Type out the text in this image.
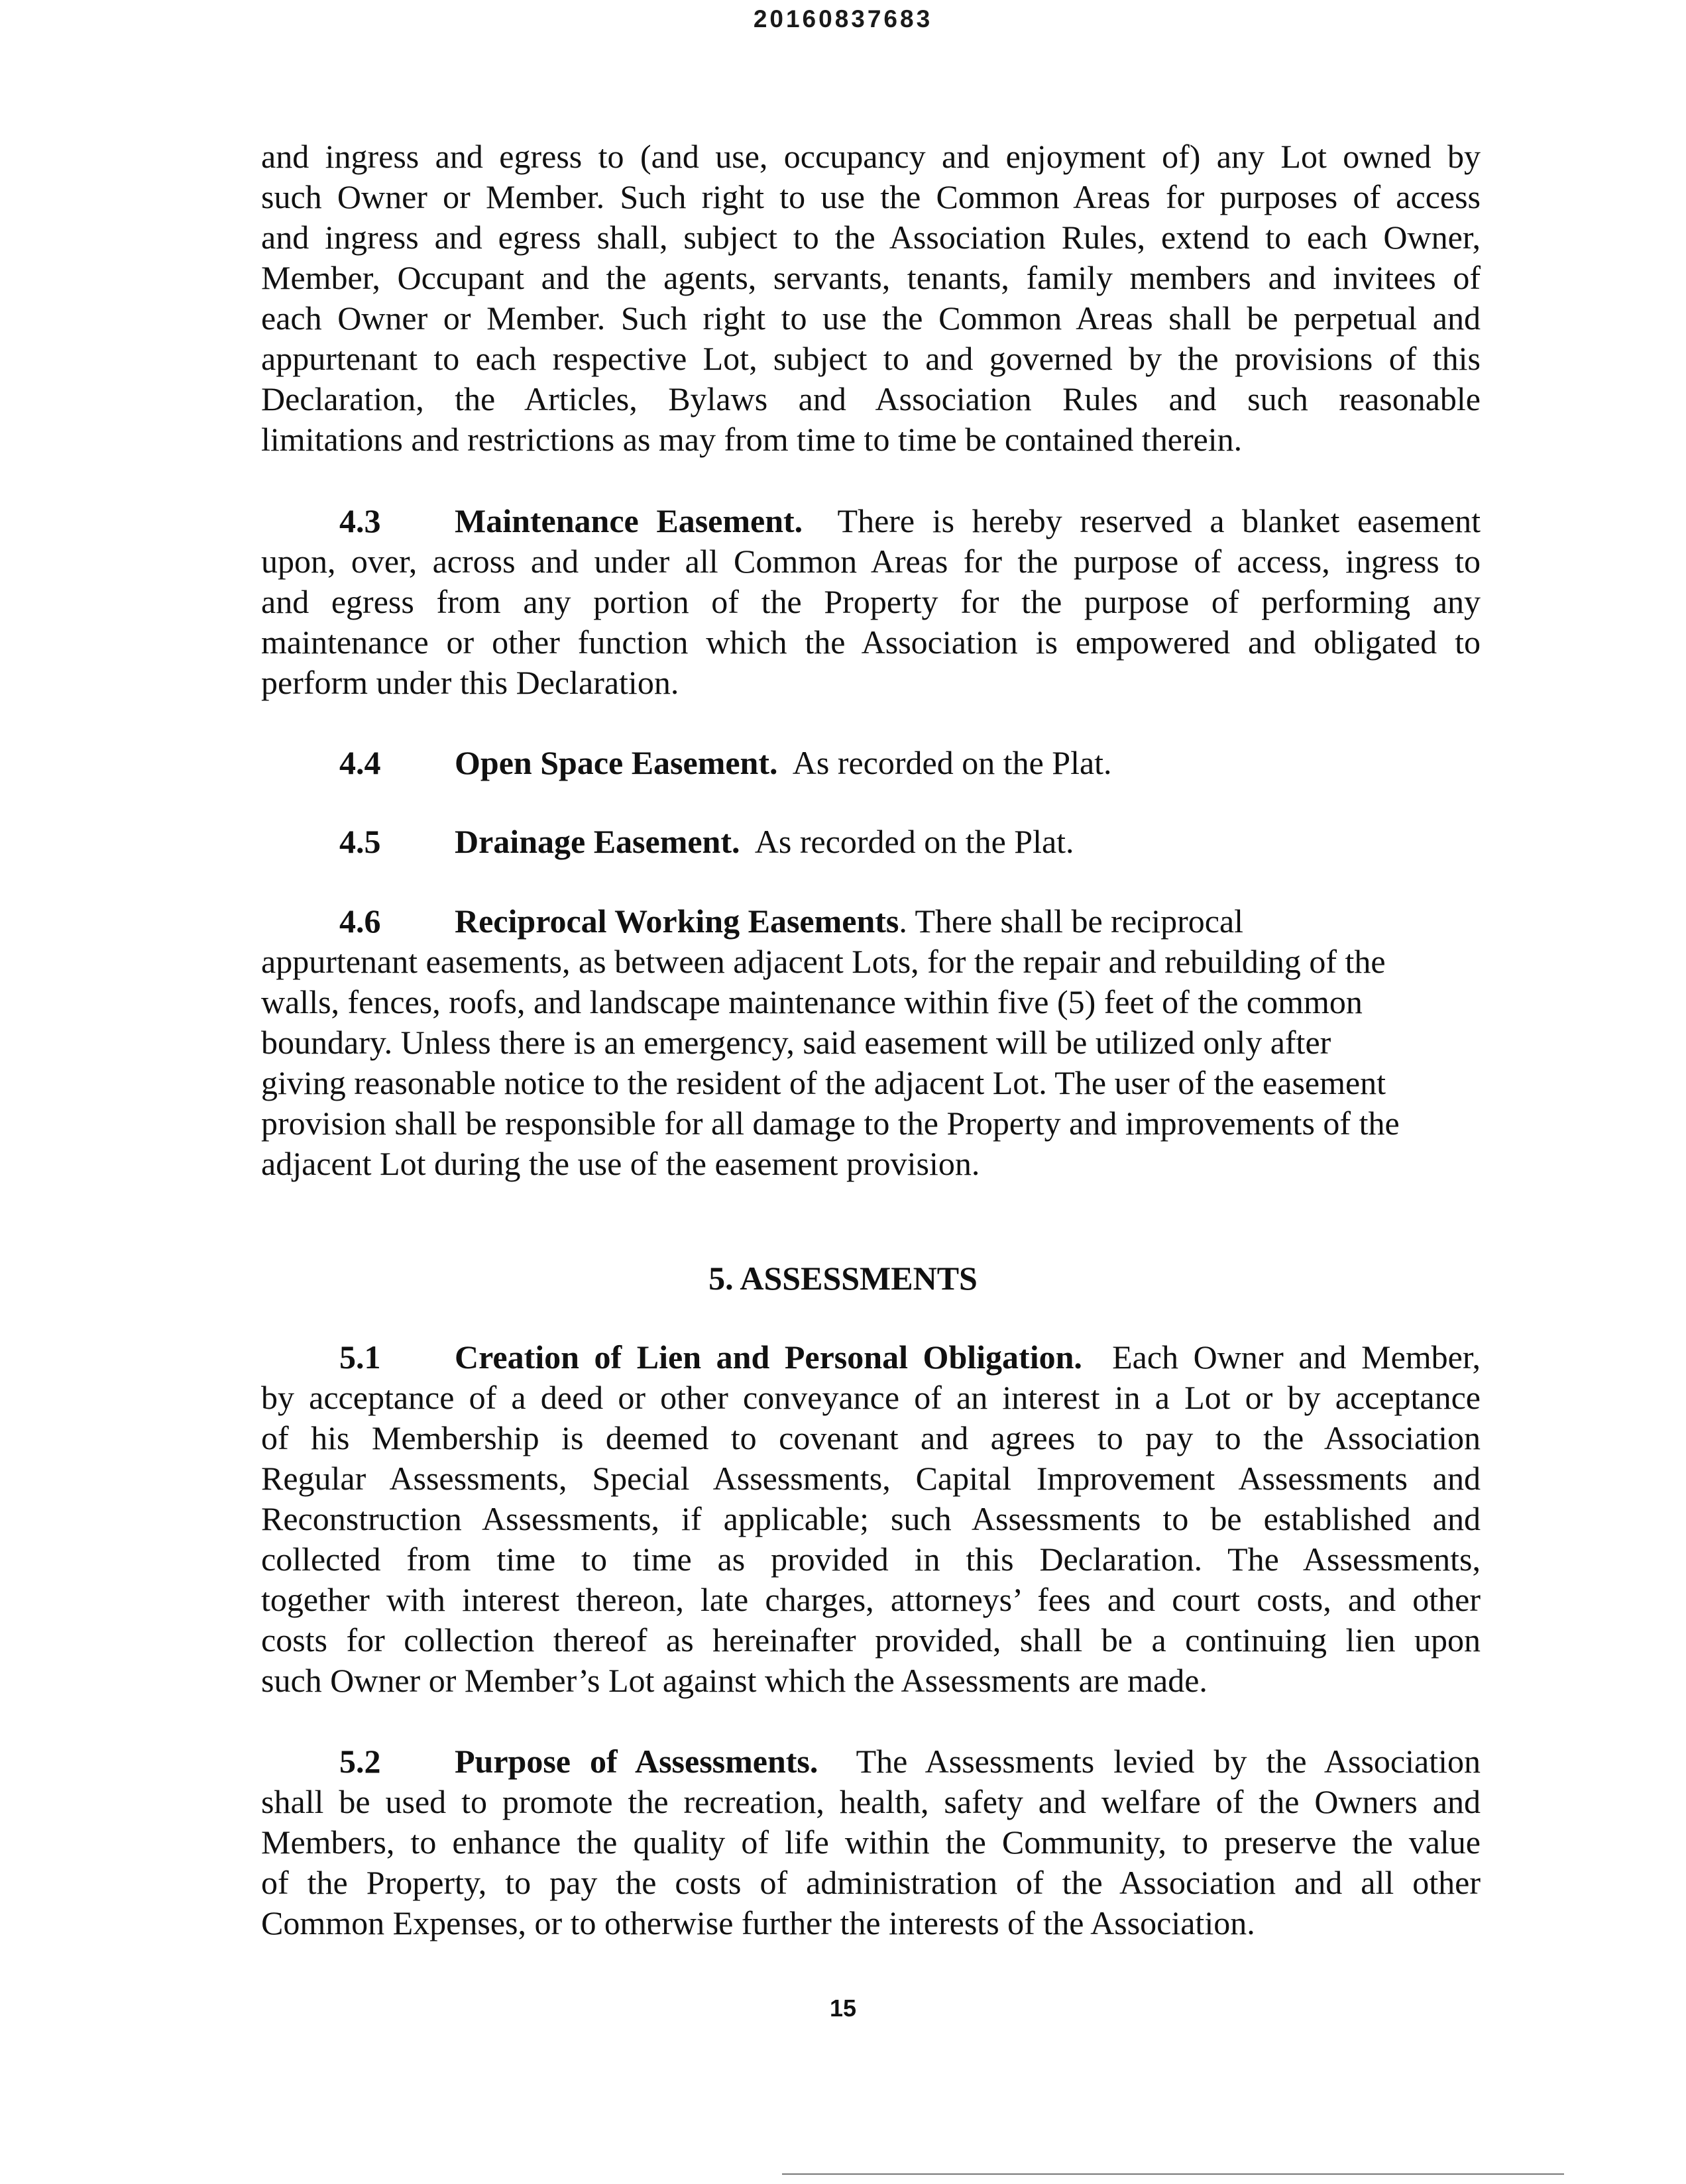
20160837683
and ingress and egress to (and use, occupancy and enjoyment of) any Lot owned by
such Owner or Member. Such right to use the Common Areas for purposes of access
and ingress and egress shall, subject to the Association Rules, extend to each Owner,
Member, Occupant and the agents, servants, tenants, family members and invitees of
each Owner or Member. Such right to use the Common Areas shall be perpetual and
appurtenant to each respective Lot, subject to and governed by the provisions of this
Declaration, the Articles, Bylaws and Association Rules and such reasonable
limitations and restrictions as may from time to time be contained therein.
4.3 Maintenance Easement. There is hereby reserved a blanket easement
upon, over, across and under all Common Areas for the purpose of access, ingress to
and egress from any portion of the Property for the purpose of performing any
maintenance or other function which the Association is empowered and obligated to
perform under this Declaration.
4.4 Open Space Easement. As recorded on the Plat.
4.5 Drainage Easement. As recorded on the Plat.
4.6 Reciprocal Working Easements. There shall be reciprocal
appurtenant easements, as between adjacent Lots, for the repair and rebuilding of the
walls, fences, roofs, and landscape maintenance within five (5) feet of the common
boundary. Unless there is an emergency, said easement will be utilized only after
giving reasonable notice to the resident of the adjacent Lot. The user of the easement
provision shall be responsible for all damage to the Property and improvements of the
adjacent Lot during the use of the easement provision.
5. ASSESSMENTS
5.1 Creation of Lien and Personal Obligation. Each Owner and Member,
by acceptance of a deed or other conveyance of an interest in a Lot or by acceptance
of his Membership is deemed to covenant and agrees to pay to the Association
Regular Assessments, Special Assessments, Capital Improvement Assessments and
Reconstruction Assessments, if applicable; such Assessments to be established and
collected from time to time as provided in this Declaration. The Assessments,
together with interest thereon, late charges, attorneys’ fees and court costs, and other
costs for collection thereof as hereinafter provided, shall be a continuing lien upon
such Owner or Member’s Lot against which the Assessments are made.
5.2 Purpose of Assessments. The Assessments levied by the Association
shall be used to promote the recreation, health, safety and welfare of the Owners and
Members, to enhance the quality of life within the Community, to preserve the value
of the Property, to pay the costs of administration of the Association and all other
Common Expenses, or to otherwise further the interests of the Association.
15
